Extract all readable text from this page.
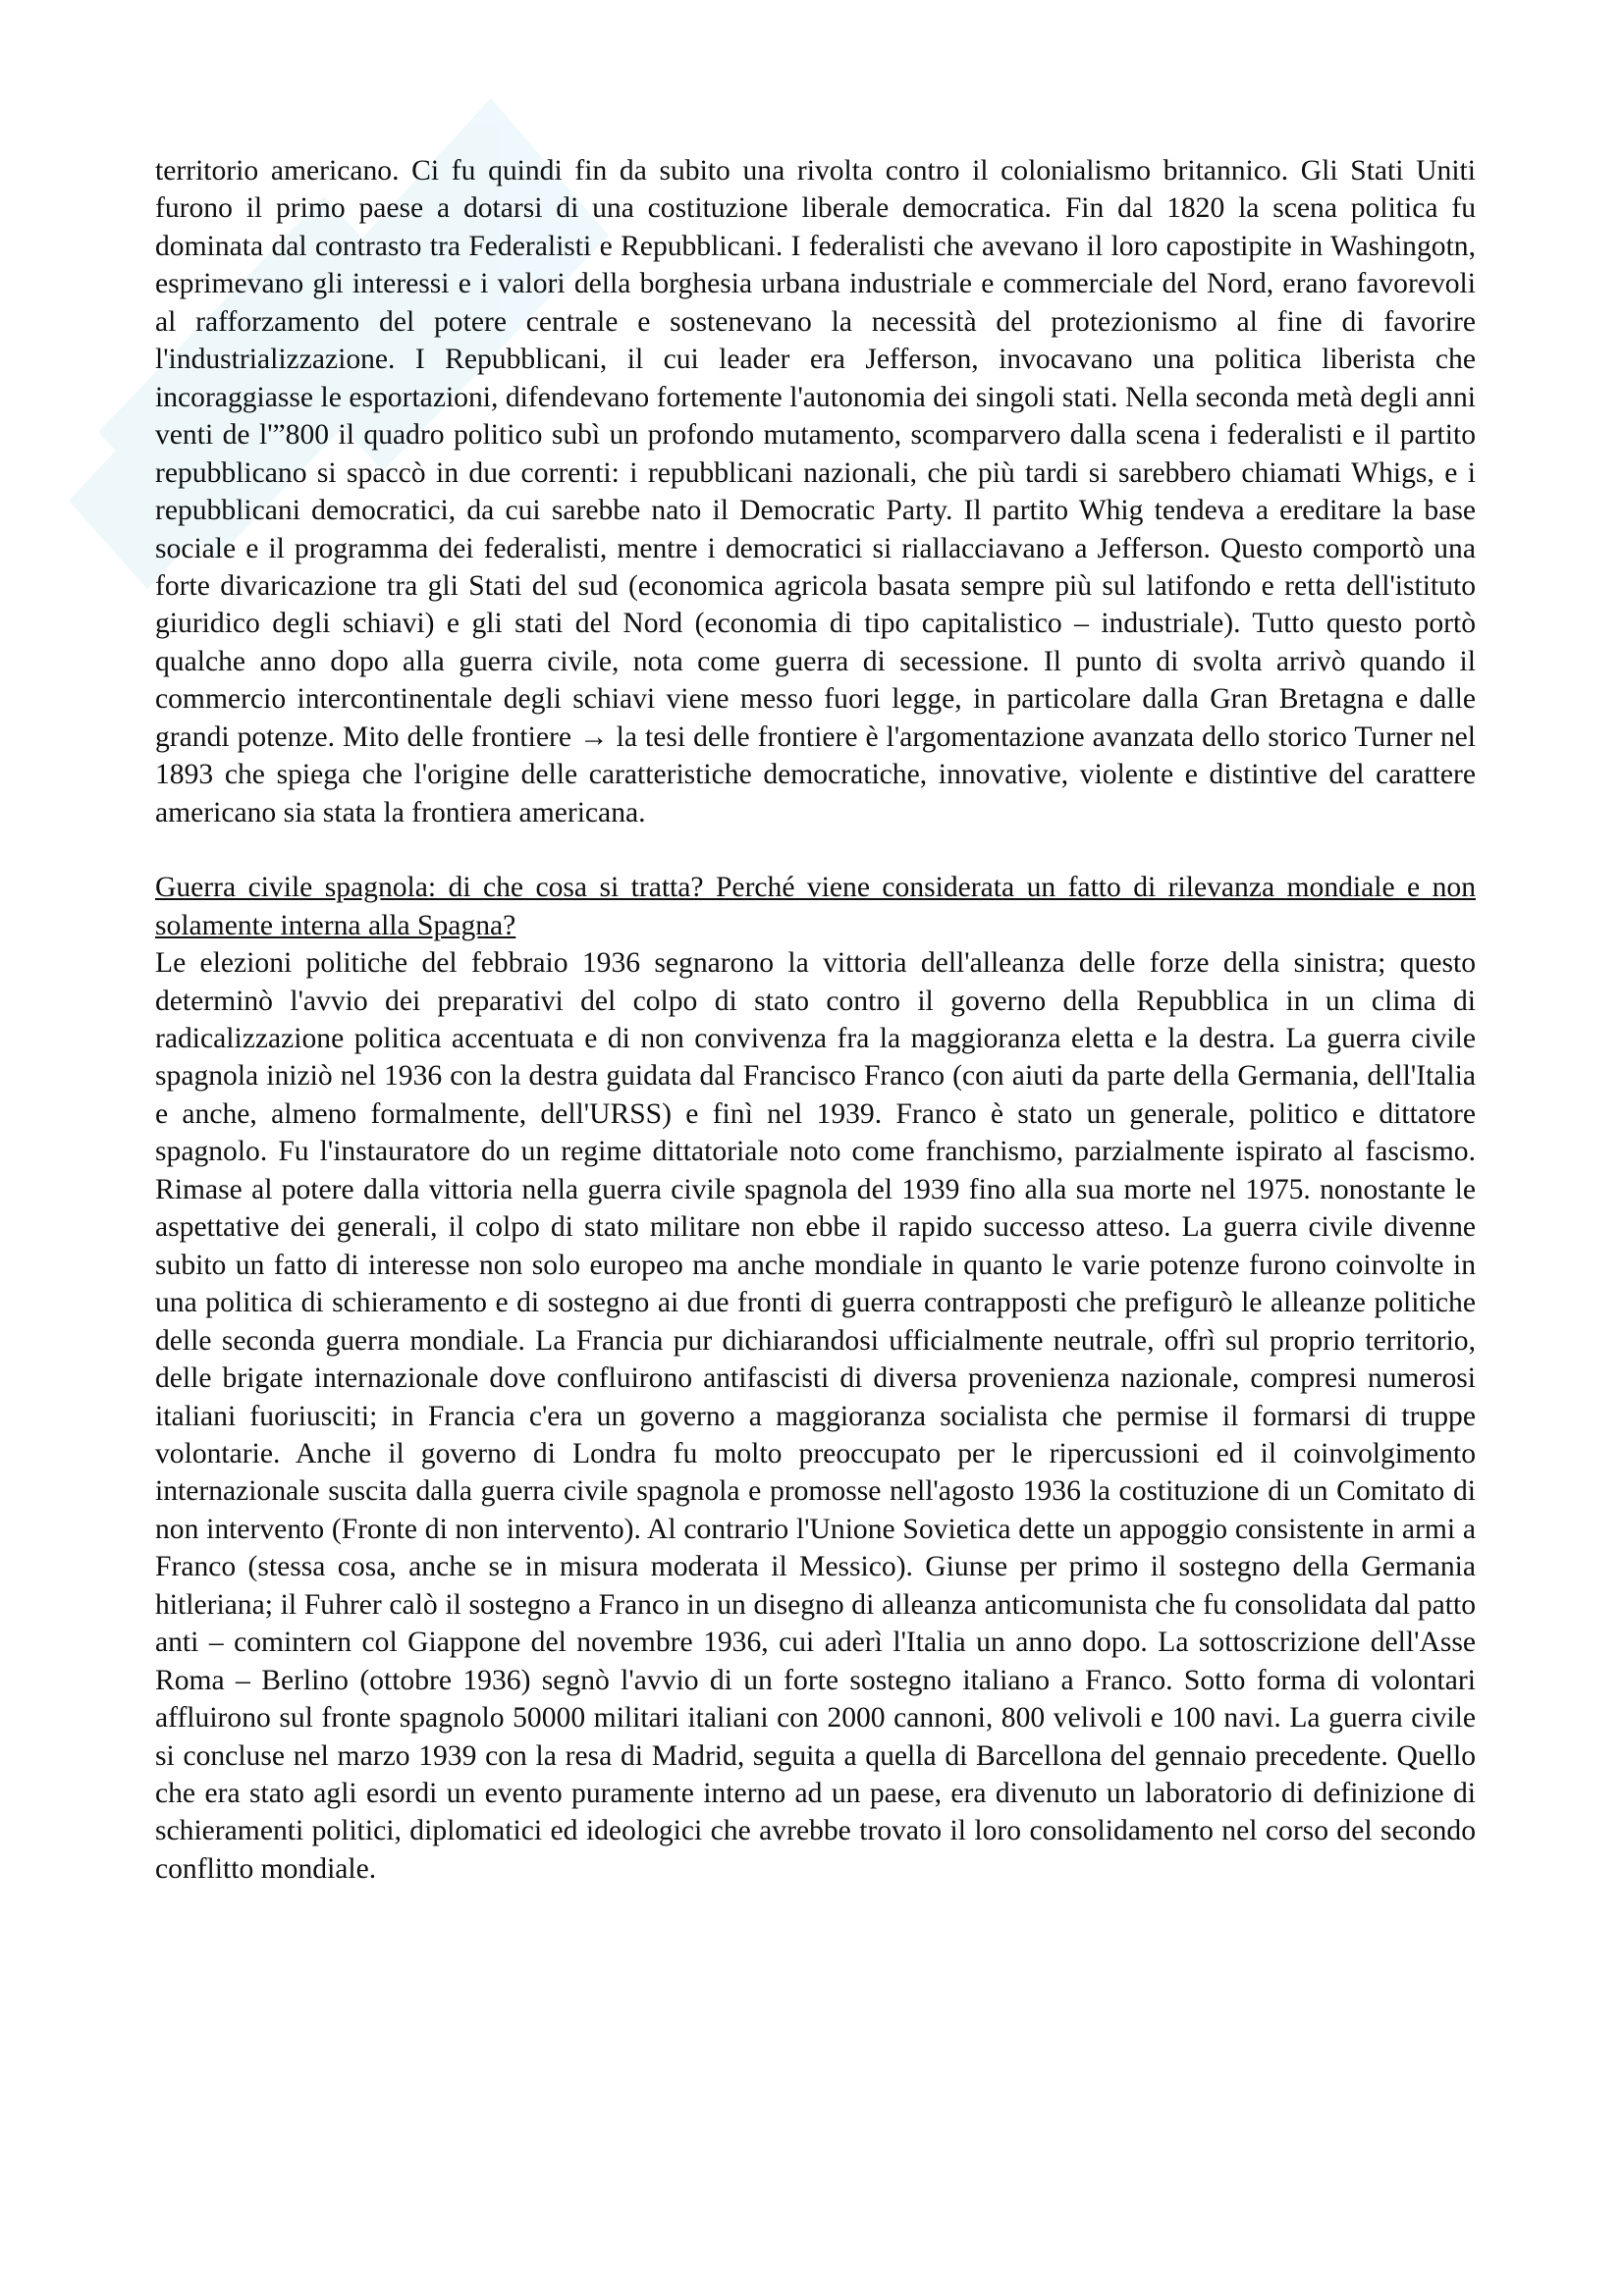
territorio americano. Ci fu quindi fin da subito una rivolta contro il colonialismo britannico. Gli Stati Uniti furono il primo paese a dotarsi di una costituzione liberale democratica. Fin dal 1820 la scena politica fu dominata dal contrasto tra Federalisti e Repubblicani. I federalisti che avevano il loro capostipite in Washingotn, esprimevano gli interessi e i valori della borghesia urbana industriale e commerciale del Nord, erano favorevoli al rafforzamento del potere centrale e sostenevano la necessità del protezionismo al fine di favorire l'industrializzazione. I Repubblicani, il cui leader era Jefferson, invocavano una politica liberista che incoraggiasse le esportazioni, difendevano fortemente l'autonomia dei singoli stati. Nella seconda metà degli anni venti de l'”800 il quadro politico subì un profondo mutamento, scomparvero dalla scena i federalisti e il partito repubblicano si spaccò in due correnti: i repubblicani nazionali, che più tardi si sarebbero chiamati Whigs, e i repubblicani democratici, da cui sarebbe nato il Democratic Party. Il partito Whig tendeva a ereditare la base sociale e il programma dei federalisti, mentre i democratici si riallacciavano a Jefferson. Questo comportò una forte divaricazione tra gli Stati del sud (economica agricola basata sempre più sul latifondo e retta dell'istituto giuridico degli schiavi) e gli stati del Nord (economia di tipo capitalistico – industriale). Tutto questo portò qualche anno dopo alla guerra civile, nota come guerra di secessione. Il punto di svolta arrivò quando il commercio intercontinentale degli schiavi viene messo fuori legge, in particolare dalla Gran Bretagna e dalle grandi potenze. Mito delle frontiere → la tesi delle frontiere è l'argomentazione avanzata dello storico Turner nel 1893 che spiega che l'origine delle caratteristiche democratiche, innovative, violente e distintive del carattere americano sia stata la frontiera americana.

Guerra civile spagnola: di che cosa si tratta? Perché viene considerata un fatto di rilevanza mondiale e non solamente interna alla Spagna?

Le elezioni politiche del febbraio 1936 segnarono la vittoria dell'alleanza delle forze della sinistra; questo determinò l'avvio dei preparativi del colpo di stato contro il governo della Repubblica in un clima di radicalizzazione politica accentuata e di non convivenza fra la maggioranza eletta e la destra. La guerra civile spagnola iniziò nel 1936 con la destra guidata dal Francisco Franco (con aiuti da parte della Germania, dell'Italia e anche, almeno formalmente, dell'URSS) e finì nel 1939. Franco è stato un generale, politico e dittatore spagnolo. Fu l'instauratore do un regime dittatoriale noto come franchismo, parzialmente ispirato al fascismo. Rimase al potere dalla vittoria nella guerra civile spagnola del 1939 fino alla sua morte nel 1975. nonostante le aspettative dei generali, il colpo di stato militare non ebbe il rapido successo atteso. La guerra civile divenne subito un fatto di interesse non solo europeo ma anche mondiale in quanto le varie potenze furono coinvolte in una politica di schieramento e di sostegno ai due fronti di guerra contrapposti che prefigurò le alleanze politiche delle seconda guerra mondiale. La Francia pur dichiarandosi ufficialmente neutrale, offrì sul proprio territorio, delle brigate internazionale dove confluirono antifascisti di diversa provenienza nazionale, compresi numerosi italiani fuoriusciti; in Francia c'era un governo a maggioranza socialista che permise il formarsi di truppe volontarie. Anche il governo di Londra fu molto preoccupato per le ripercussioni ed il coinvolgimento internazionale suscita dalla guerra civile spagnola e promosse nell'agosto 1936 la costituzione di un Comitato di non intervento (Fronte di non intervento). Al contrario l'Unione Sovietica dette un appoggio consistente in armi a Franco (stessa cosa, anche se in misura moderata il Messico). Giunse per primo il sostegno della Germania hitleriana; il Fuhrer calò il sostegno a Franco in un disegno di alleanza anticomunista che fu consolidata dal patto anti – comintern col Giappone del novembre 1936, cui aderì l'Italia un anno dopo. La sottoscrizione dell'Asse Roma – Berlino (ottobre 1936) segnò l'avvio di un forte sostegno italiano a Franco. Sotto forma di volontari affluirono sul fronte spagnolo 50000 militari italiani con 2000 cannoni, 800 velivoli e 100 navi. La guerra civile si concluse nel marzo 1939 con la resa di Madrid, seguita a quella di Barcellona del gennaio precedente. Quello che era stato agli esordi un evento puramente interno ad un paese, era divenuto un laboratorio di definizione di schieramenti politici, diplomatici ed ideologici che avrebbe trovato il loro consolidamento nel corso del secondo conflitto mondiale.
